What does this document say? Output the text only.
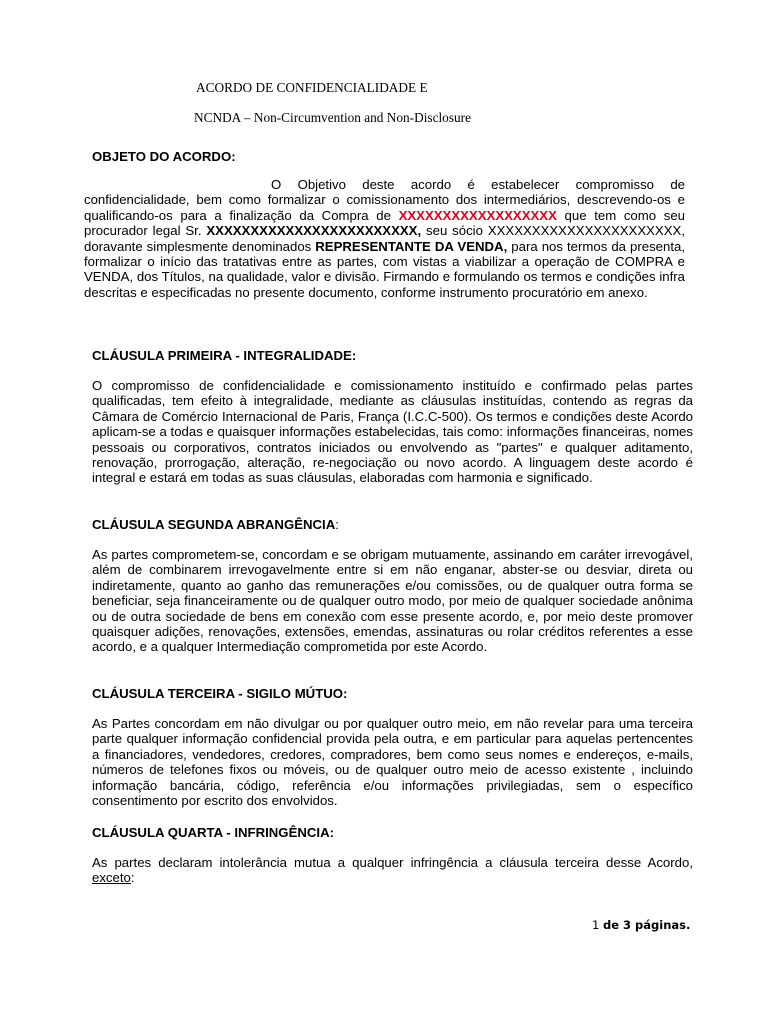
ACORDO DE CONFIDENCIALIDADE E
NCNDA – Non-Circumvention and Non-Disclosure
OBJETO DO ACORDO:
O Objetivo deste acordo é estabelecer compromisso de confidencialidade, bem como formalizar o comissionamento dos intermediários, descrevendo-os e qualificando-os para a finalização da Compra de XXXXXXXXXXXXXXXXXX que tem como seu procurador legal Sr. XXXXXXXXXXXXXXXXXXXXXXXX, seu sócio XXXXXXXXXXXXXXXXXXXXXX, doravante simplesmente denominados REPRESENTANTE DA VENDA, para nos termos da presenta, formalizar o início das tratativas entre as partes, com vistas a viabilizar a operação de COMPRA e VENDA, dos Títulos, na qualidade, valor e divisão. Firmando e formulando os termos e condições infra descritas e especificadas no presente documento, conforme instrumento procuratório em anexo.
CLÁUSULA PRIMEIRA - INTEGRALIDADE:
O compromisso de confidencialidade e comissionamento instituído e confirmado pelas partes qualificadas, tem efeito à integralidade, mediante as cláusulas instituídas, contendo as regras da Câmara de Comércio Internacional de Paris, França (I.C.C-500). Os termos e condições deste Acordo aplicam-se a todas e quaisquer informações estabelecidas, tais como: informações financeiras, nomes pessoais ou corporativos, contratos iniciados ou envolvendo as "partes" e qualquer aditamento, renovação, prorrogação, alteração, re-negociação ou novo acordo. A linguagem deste acordo é integral e estará em todas as suas cláusulas, elaboradas com harmonia e significado.
CLÁUSULA SEGUNDA ABRANGÊNCIA:
As partes comprometem-se, concordam e se obrigam mutuamente, assinando em caráter irrevogável, além de combinarem irrevogavelmente entre si em não enganar, abster-se ou desviar, direta ou indiretamente, quanto ao ganho das remunerações e/ou comissões, ou de qualquer outra forma se beneficiar, seja financeiramente ou de qualquer outro modo, por meio de qualquer sociedade anônima ou de outra sociedade de bens em conexão com esse presente acordo, e, por meio deste promover quaisquer adições, renovações, extensões, emendas, assinaturas ou rolar créditos referentes a esse acordo, e a qualquer Intermediação comprometida por este Acordo.
CLÁUSULA TERCEIRA - SIGILO MÚTUO:
As Partes concordam em não divulgar ou por qualquer outro meio, em não revelar para uma terceira parte qualquer informação confidencial provida pela outra, e em particular para aquelas pertencentes a financiadores, vendedores, credores, compradores, bem como seus nomes e endereços, e-mails, números de telefones fixos ou móveis, ou de qualquer outro meio de acesso existente , incluindo informação bancária, código, referência e/ou informações privilegiadas, sem o específico consentimento por escrito dos envolvidos.
CLÁUSULA QUARTA - INFRINGÊNCIA:
As partes declaram intolerância mutua a qualquer infringência a cláusula terceira desse Acordo, exceto:
1 de 3 páginas.
